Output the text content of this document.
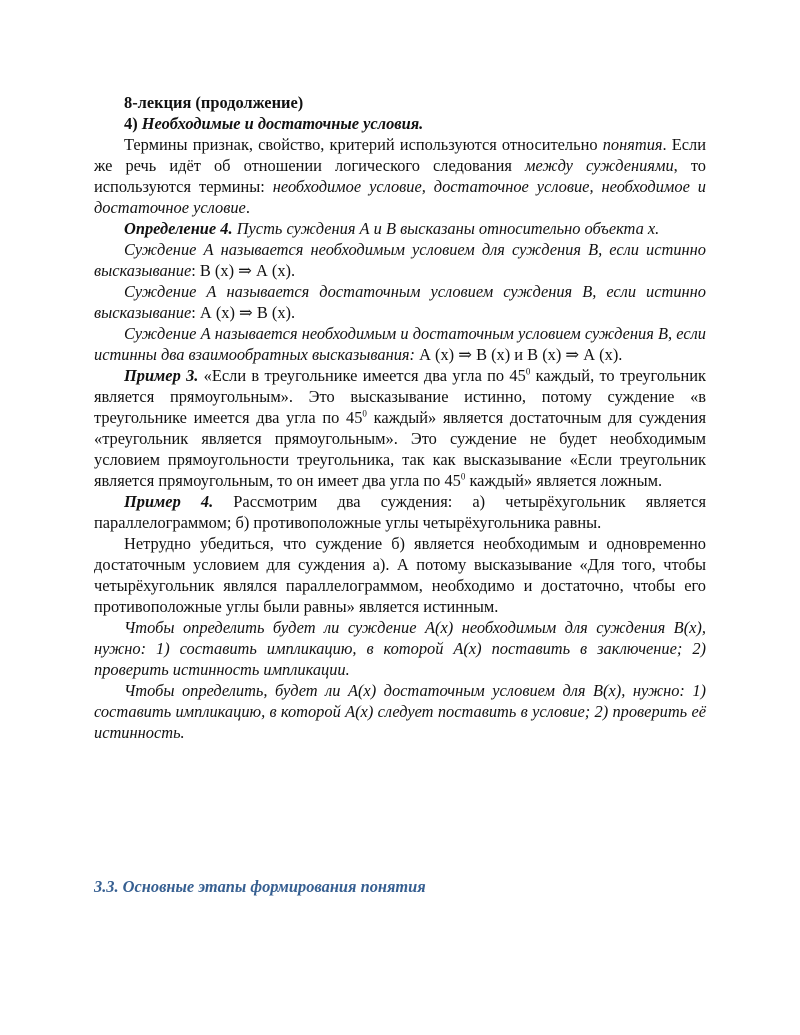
8-лекция (продолжение)

4) Необходимые и достаточные условия.

Термины признак, свойство, критерий используются относительно понятия. Если же речь идёт об отношении логического следования между суждениями, то используются термины: необходимое условие, достаточное условие, необходимое и достаточное условие.

Определение 4. Пусть суждения А и В высказаны относительно объекта х.

Суждение А называется необходимым условием для суждения В, если истинно высказывание: В (х) ⇒ А (х).

Суждение А называется достаточным условием суждения В, если истинно высказывание: А (х) ⇒ В (х).

Суждение А называется необходимым и достаточным условием суждения В, если истинны два взаимообратных высказывания: А (х) ⇒ В (х) и В (х) ⇒ А (х).

Пример 3. «Если в треугольнике имеется два угла по $45^0$ каждый, то треугольник является прямоугольным». Это высказывание истинно, потому суждение «в треугольнике имеется два угла по $45^0$ каждый» является достаточным для суждения «треугольник является прямоугольным». Это суждение не будет необходимым условием прямоугольности треугольника, так как высказывание «Если треугольник является прямоугольным, то он имеет два угла по $45^0$ каждый» является ложным.

Пример 4. Рассмотрим два суждения: а) четырёхугольник является параллелограммом; б) противоположные углы четырёхугольника равны.

Нетрудно убедиться, что суждение б) является необходимым и одновременно достаточным условием для суждения а). А потому высказывание «Для того, чтобы четырёхугольник являлся параллелограммом, необходимо и достаточно, чтобы его противоположные углы были равны» является истинным.

Чтобы определить будет ли суждение А(х) необходимым для суждения В(х), нужно: 1) составить импликацию, в которой А(х) поставить в заключение; 2) проверить истинность импликации.

Чтобы определить, будет ли А(х) достаточным условием для В(х), нужно: 1) составить импликацию, в которой А(х) следует поставить в условие; 2) проверить её истинность.

3.3. Основные этапы формирования понятия
